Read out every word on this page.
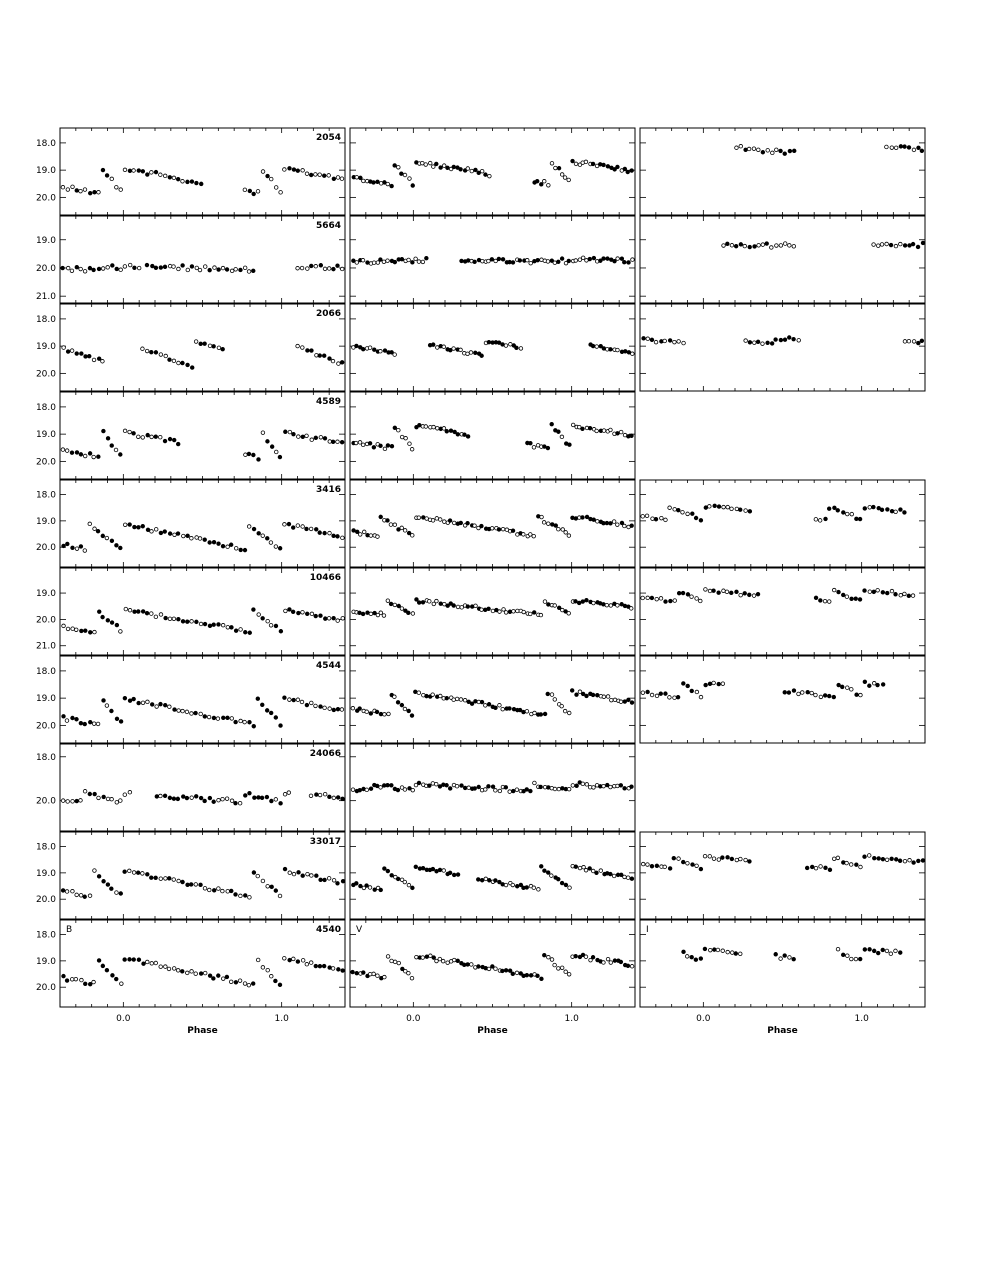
18.0
19.0
20.0
2054
19.0
20.0
21.0
5664
18.0
19.0
20.0
2066
18.0
19.0
20.0
4589
18.0
19.0
20.0
3416
19.0
20.0
21.0
10466
18.0
19.0
20.0
4544
18.0
20.0
24066
18.0
19.0
20.0
33017
18.0
19.0
20.0
4540
B	V	I
0.0	1.0
Phase
0.0	1.0
Phase
0.0	1.0
Phase
